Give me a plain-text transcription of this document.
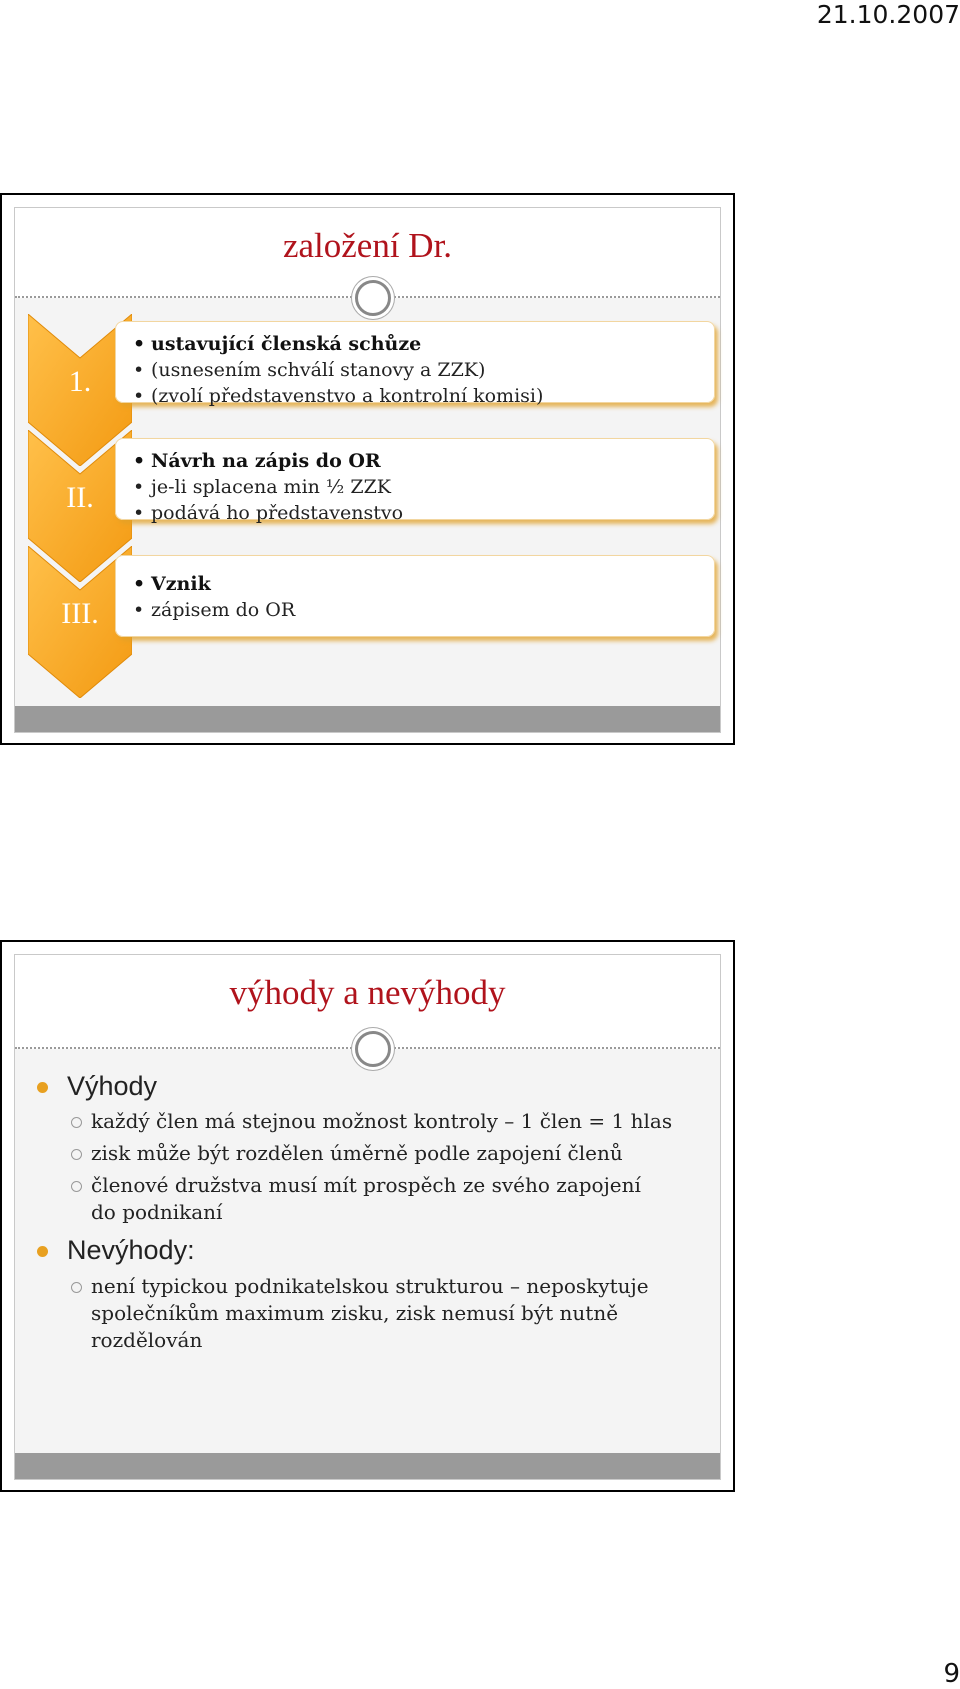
21.10.2007
založení Dr.
1.
II.
III.
• ustavující členská schůze
• (usnesením schválí stanovy a ZZK)
• (zvolí představenstvo a kontrolní komisi)
• Návrh na zápis do OR
• je-li splacena min ½ ZZK
• podává ho představenstvo
• Vznik
• zápisem do OR
výhody a nevýhody
Výhody
každý člen má stejnou možnost kontroly – 1 člen = 1 hlas
zisk může být rozdělen úměrně podle zapojení členů
členové družstva musí mít prospěch ze svého zapojení do podnikaní
Nevýhody:
není typickou podnikatelskou strukturou – neposkytuje společníkům maximum zisku, zisk nemusí být nutně rozdělován
9
